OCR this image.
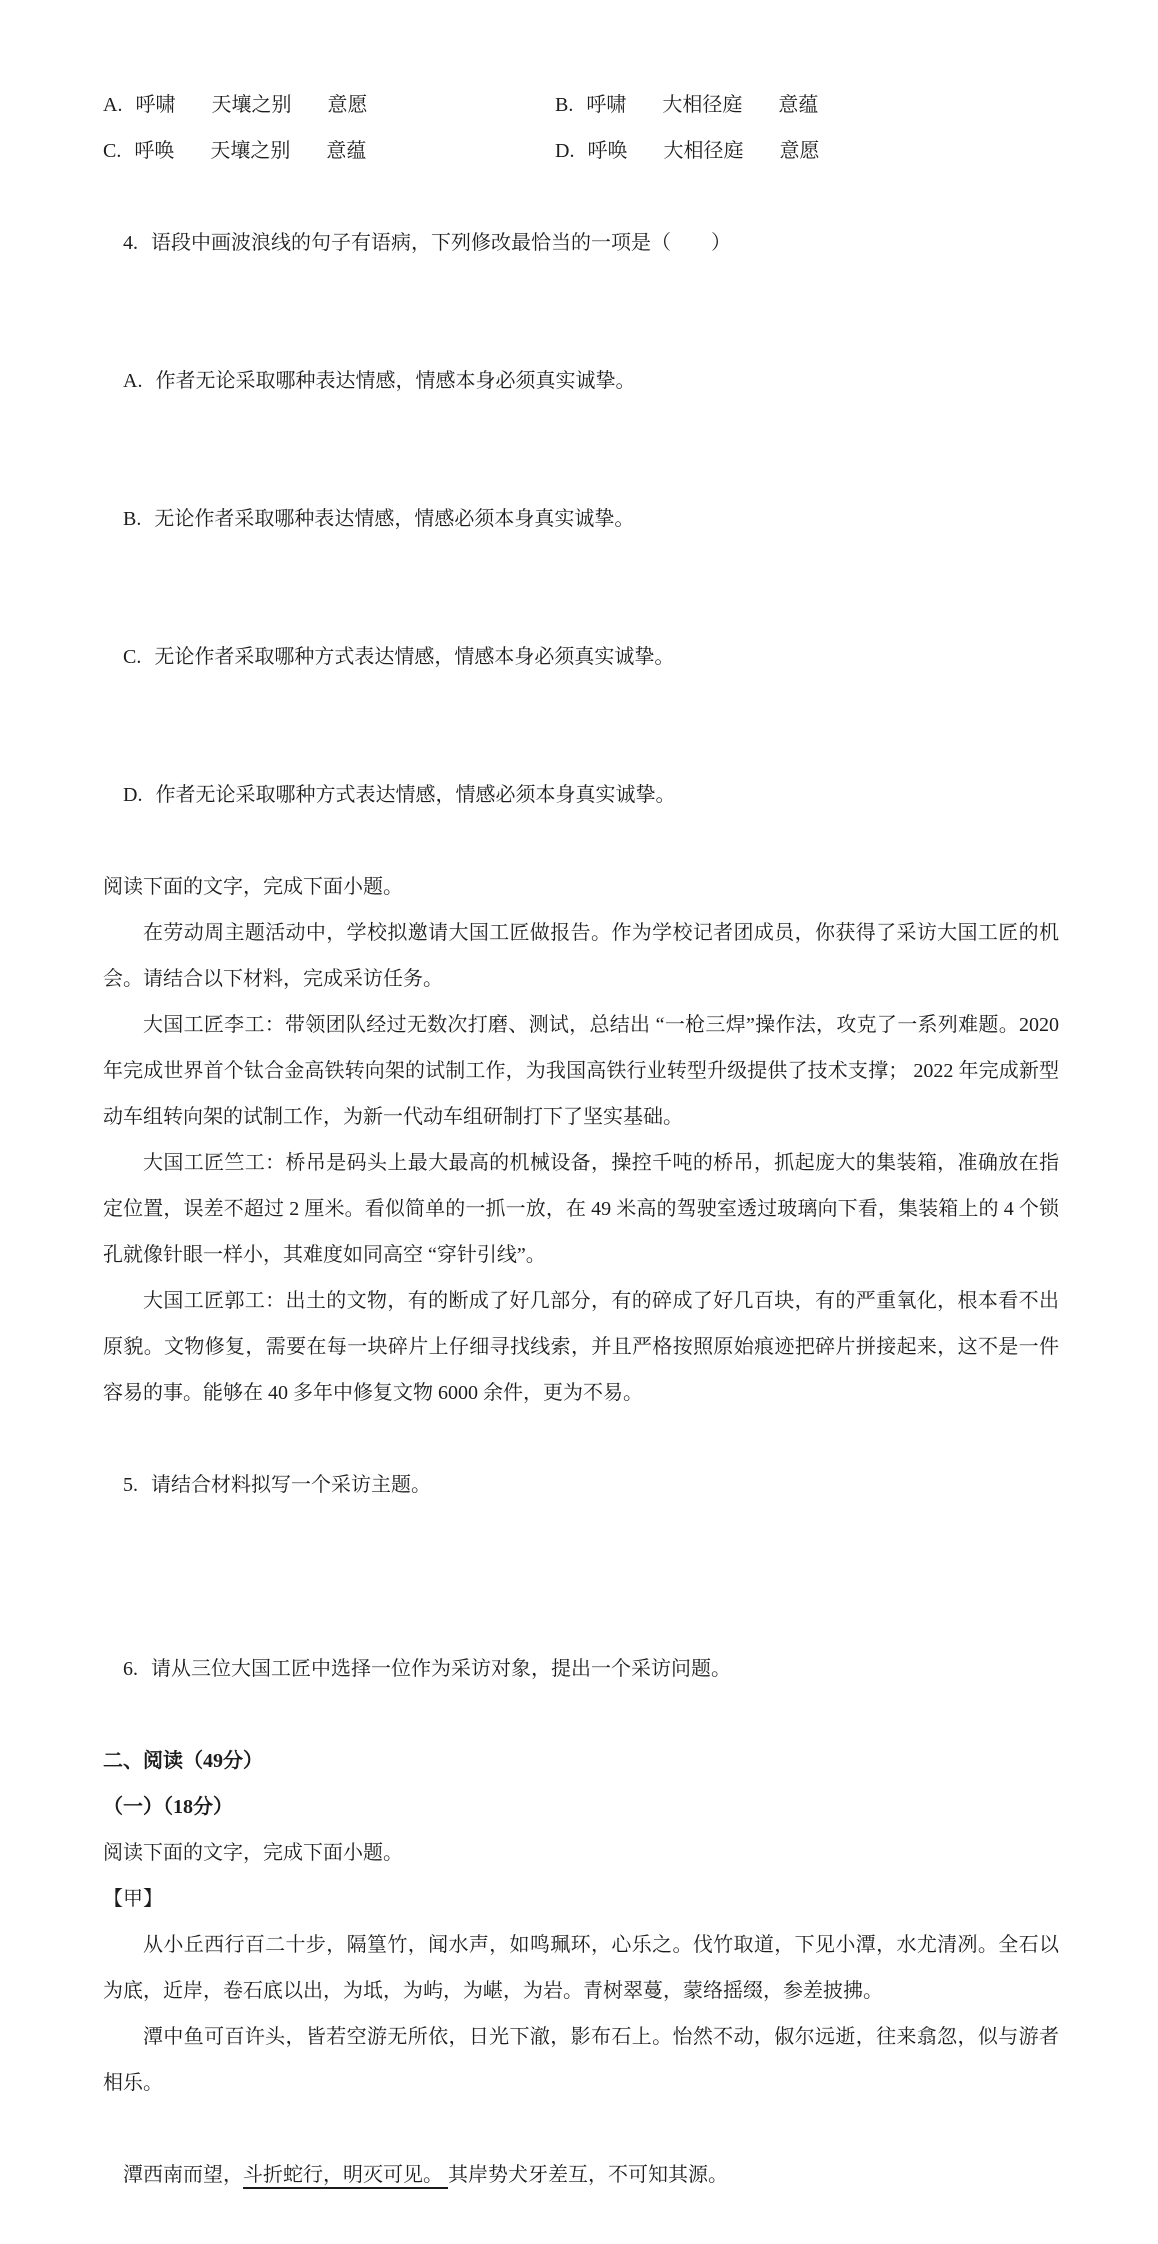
A. 呼啸 天壤之别 意愿	B. 呼啸 大相径庭 意蕴
C. 呼唤 天壤之别 意蕴	D. 呼唤 大相径庭 意愿

4. 语段中画波浪线的句子有语病，下列修改最恰当的一项是（　　）

A. 作者无论采取哪种表达情感，情感本身必须真实诚挚。

B. 无论作者采取哪种表达情感，情感必须本身真实诚挚。

C. 无论作者采取哪种方式表达情感，情感本身必须真实诚挚。

D. 作者无论采取哪种方式表达情感，情感必须本身真实诚挚。

阅读下面的文字，完成下面小题。

在劳动周主题活动中，学校拟邀请大国工匠做报告。作为学校记者团成员，你获得了采访大国工匠的机会。请结合以下材料，完成采访任务。

大国工匠李工：带领团队经过无数次打磨、测试，总结出 “一枪三焊”操作法，攻克了一系列难题。2020 年完成世界首个钛合金高铁转向架的试制工作，为我国高铁行业转型升级提供了技术支撑； 2022 年完成新型动车组转向架的试制工作，为新一代动车组研制打下了坚实基础。

大国工匠竺工：桥吊是码头上最大最高的机械设备，操控千吨的桥吊，抓起庞大的集装箱，准确放在指定位置，误差不超过 2 厘米。看似简单的一抓一放，在 49 米高的驾驶室透过玻璃向下看，集装箱上的 4 个锁孔就像针眼一样小，其难度如同高空 “穿针引线”。

大国工匠郭工：出土的文物，有的断成了好几部分，有的碎成了好几百块，有的严重氧化，根本看不出原貌。文物修复，需要在每一块碎片上仔细寻找线索，并且严格按照原始痕迹把碎片拼接起来，这不是一件容易的事。能够在 40 多年中修复文物 6000 余件，更为不易。

5. 请结合材料拟写一个采访主题。

6. 请从三位大国工匠中选择一位作为采访对象，提出一个采访问题。

二、阅读（49分）
（一）（18分）
阅读下面的文字，完成下面小题。
【甲】

从小丘西行百二十步，隔篁竹，闻水声，如鸣珮环，心乐之。伐竹取道，下见小潭，水尤清冽。全石以为底，近岸，卷石底以出，为坻，为屿，为嵁，为岩。青树翠蔓，蒙络摇缀，参差披拂。

潭中鱼可百许头，皆若空游无所依，日光下澈，影布石上。怡然不动，俶尔远逝，往来翕忽，似与游者相乐。

潭西南而望，斗折蛇行，明灭可见。 其岸势犬牙差互，不可知其源。
